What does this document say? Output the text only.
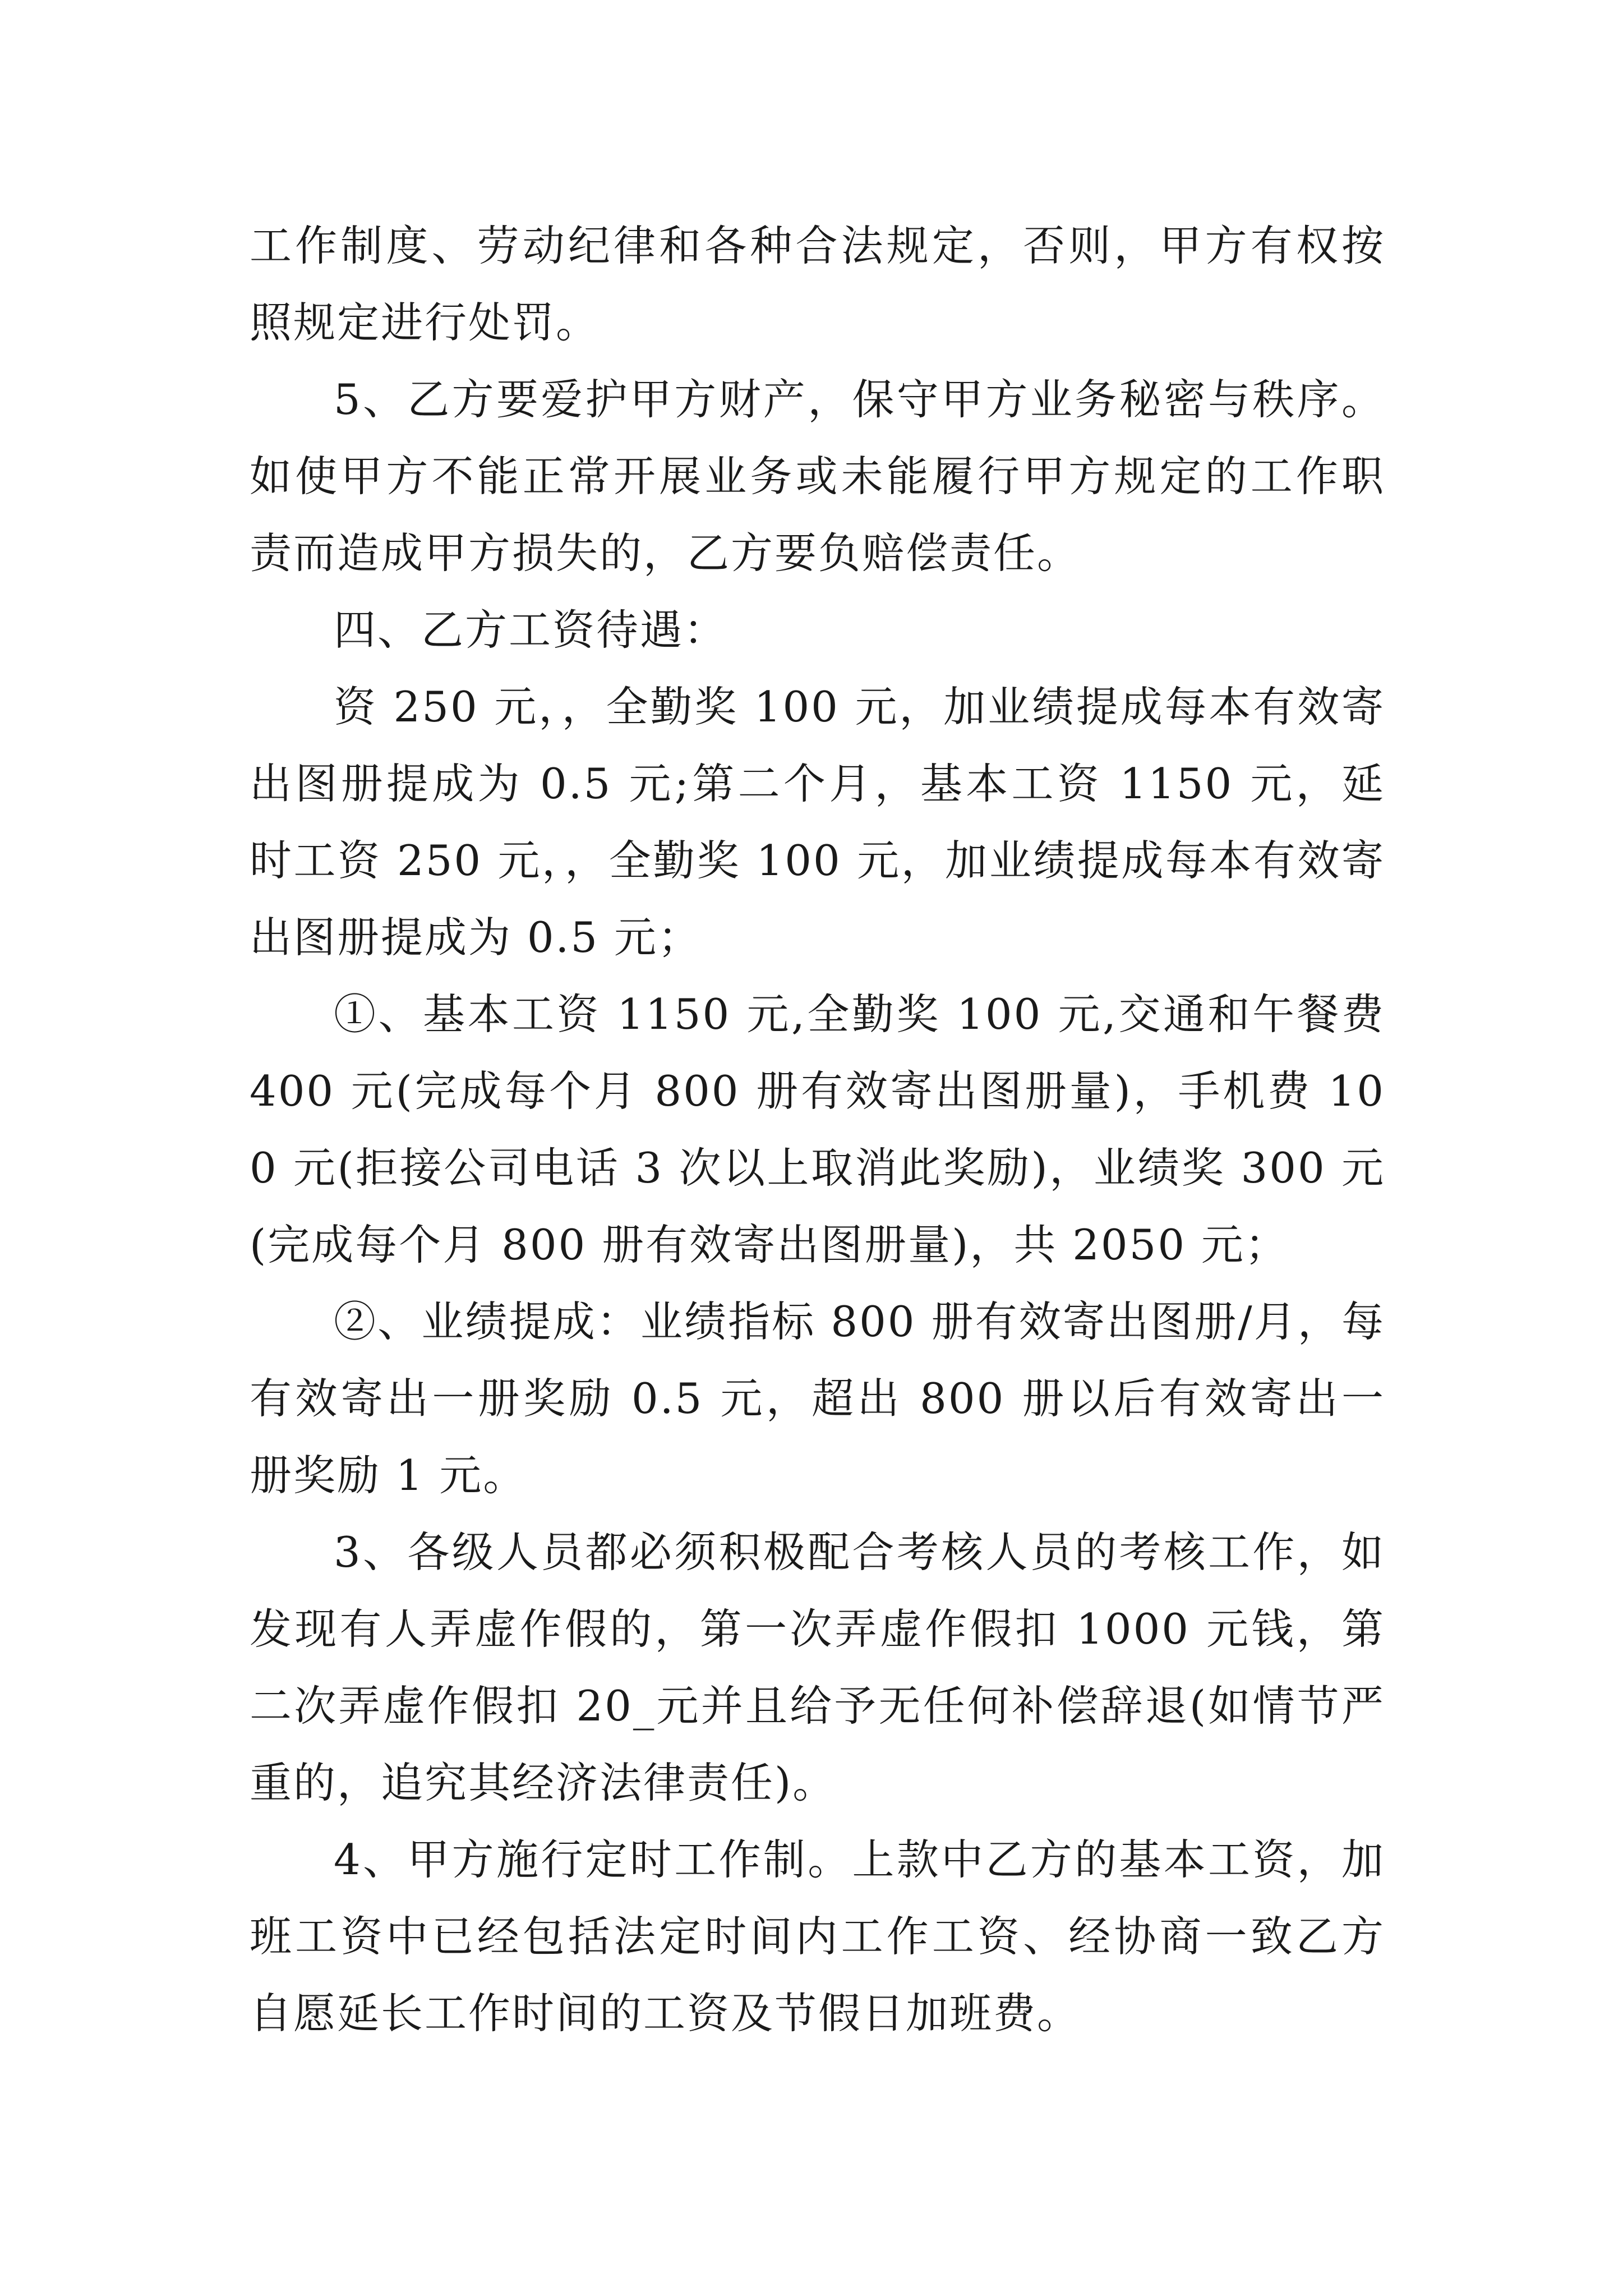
工作制度、劳动纪律和各种合法规定，否则，甲方有权按照规定进行处罚。

5、乙方要爱护甲方财产，保守甲方业务秘密与秩序。如使甲方不能正常开展业务或未能履行甲方规定的工作职责而造成甲方损失的，乙方要负赔偿责任。

四、乙方工资待遇：

资 250 元，，全勤奖 100 元，加业绩提成每本有效寄出图册提成为 0.5 元;第二个月，基本工资 1150 元，延时工资 250 元，，全勤奖 100 元，加业绩提成每本有效寄出图册提成为 0.5 元；

①、基本工资 1150 元,全勤奖 100 元,交通和午餐费 400 元(完成每个月 800 册有效寄出图册量)，手机费 100 元(拒接公司电话 3 次以上取消此奖励)，业绩奖 300 元(完成每个月 800 册有效寄出图册量)，共 2050 元；

②、业绩提成：业绩指标 800 册有效寄出图册/月，每有效寄出一册奖励 0.5 元，超出 800 册以后有效寄出一册奖励 1 元。

3、各级人员都必须积极配合考核人员的考核工作，如发现有人弄虚作假的，第一次弄虚作假扣 1000 元钱，第二次弄虚作假扣 20_元并且给予无任何补偿辞退(如情节严重的，追究其经济法律责任)。

4、甲方施行定时工作制。上款中乙方的基本工资，加班工资中已经包括法定时间内工作工资、经协商一致乙方自愿延长工作时间的工资及节假日加班费。
